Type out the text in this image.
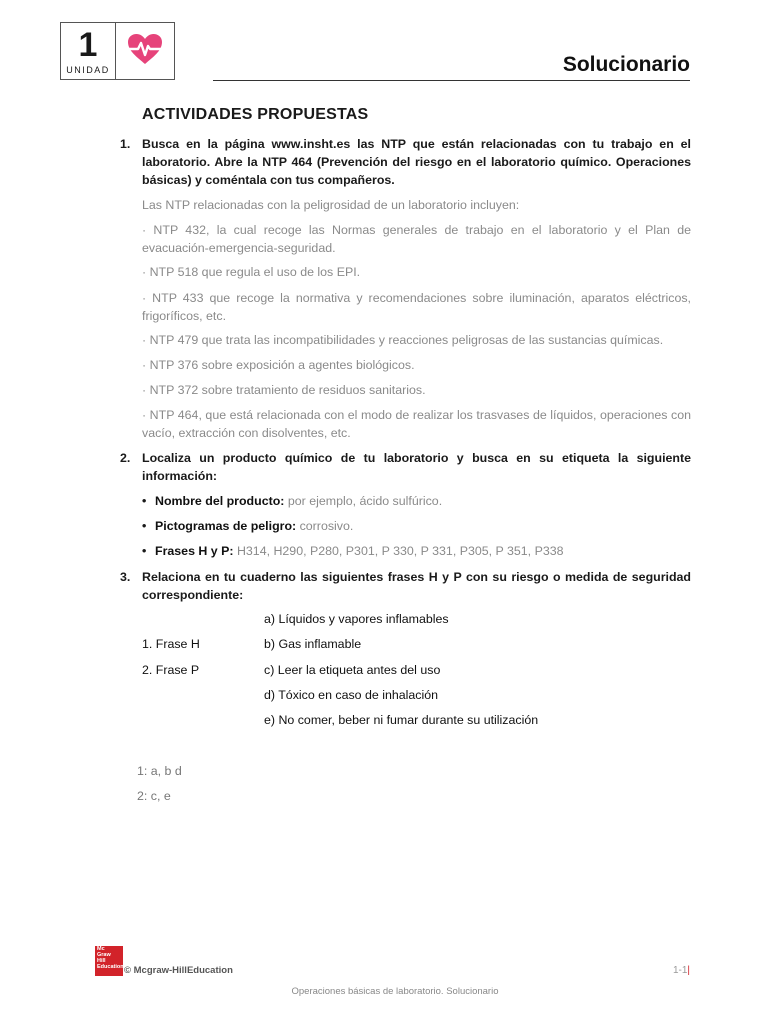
1
UNIDAD	Solucionario
ACTIVIDADES PROPUESTAS
1. Busca en la página www.insht.es las NTP que están relacionadas con tu trabajo en el laboratorio. Abre la NTP 464 (Prevención del riesgo en el laboratorio químico. Operaciones básicas) y coméntala con tus compañeros.
Las NTP relacionadas con la peligrosidad de un laboratorio incluyen:
· NTP 432, la cual recoge las Normas generales de trabajo en el laboratorio y el Plan de evacuación-emergencia-seguridad.
· NTP 518 que regula el uso de los EPI.
· NTP 433 que recoge la normativa y recomendaciones sobre iluminación, aparatos eléctricos, frigoríficos, etc.
· NTP 479 que trata las incompatibilidades y reacciones peligrosas de las sustancias químicas.
· NTP 376 sobre exposición a agentes biológicos.
· NTP 372 sobre tratamiento de residuos sanitarios.
· NTP 464, que está relacionada con el modo de realizar los trasvases de líquidos, operaciones con vacío, extracción con disolventes, etc.
2. Localiza un producto químico de tu laboratorio y busca en su etiqueta la siguiente información:
• Nombre del producto: por ejemplo, ácido sulfúrico.
• Pictogramas de peligro: corrosivo.
• Frases H y P: H314, H290, P280, P301, P 330, P 331, P305, P 351, P338
3. Relaciona en tu cuaderno las siguientes frases H y P con su riesgo o medida de seguridad correspondiente:
a) Líquidos y vapores inflamables
1. Frase H	b) Gas inflamable
2. Frase P	c) Leer la etiqueta antes del uso
d) Tóxico en caso de inhalación
e) No comer, beber ni fumar durante su utilización
1: a, b d
2: c, e
Mc
Graw
Hill
Education © Mcgraw-HillEducation	1-1|
Operaciones básicas de laboratorio. Solucionario
